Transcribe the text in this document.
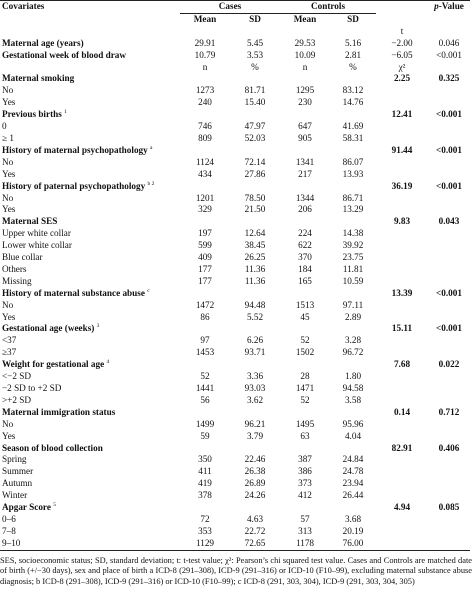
Covariates	Cases		Controls			p-Value
	Mean	SD	Mean	SD		
					t	
Maternal age (years)	29.91	5.45	29.53	5.16	−2.00	0.046
Gestational week of blood draw	10.79	3.53	10.09	2.81	−6.05	<0.001
	n	%	n	%	χ²	
Maternal smoking					2.25	0.325
No	1273	81.71	1295	83.12		
Yes	240	15.40	230	14.76		
Previous births $^1$					12.41	<0.001
0	746	47.97	647	41.69		
≥ 1	809	52.03	905	58.31		
History of maternal psychopathology $^a$					91.44	<0.001
No	1124	72.14	1341	86.07		
Yes	434	27.86	217	13.93		
History of paternal psychopathology $^{b 2}$					36.19	<0.001
No	1201	78.50	1344	86.71		
Yes	329	21.50	206	13.29		
Maternal SES					9.83	0.043
Upper white collar	197	12.64	224	14.38		
Lower white collar	599	38.45	622	39.92		
Blue collar	409	26.25	370	23.75		
Others	177	11.36	184	11.81		
Missing	177	11.36	165	10.59		
History of maternal substance abuse $^c$					13.39	<0.001
No	1472	94.48	1513	97.11		
Yes	86	5.52	45	2.89		
Gestational age (weeks) $^3$					15.11	<0.001
<37	97	6.26	52	3.28		
≥37	1453	93.71	1502	96.72		
Weight for gestational age $^4$					7.68	0.022
<−2 SD	52	3.36	28	1.80		
−2 SD to +2 SD	1441	93.03	1471	94.58		
>+2 SD	56	3.62	52	3.58		
Maternal immigration status					0.14	0.712
No	1499	96.21	1495	95.96		
Yes	59	3.79	63	4.04		
Season of blood collection					82.91	0.406
Spring	350	22.46	387	24.84		
Summer	411	26.38	386	24.78		
Autumn	419	26.89	373	23.94		
Winter	378	24.26	412	26.44		
Apgar Score $^5$					4.94	0.085
0–6	72	4.63	57	3.68		
7–8	353	22.72	313	20.19		
9–10	1129	72.65	1178	76.00		
SES, socioeconomic status; SD, standard deviation; t: t-test value; χ²: Pearson’s chi squared test value. Cases and Controls are matched date of birth (+/−30 days), sex and place of birth a ICD-8 (291–308), ICD-9 (291–316) or ICD-10 (F10–99), excluding maternal substance abuse diagnosis; b ICD-8 (291–308), ICD-9 (291–316) or ICD-10 (F10–99); c ICD-8 (291, 303, 304), ICD-9 (291, 303, 304, 305)
